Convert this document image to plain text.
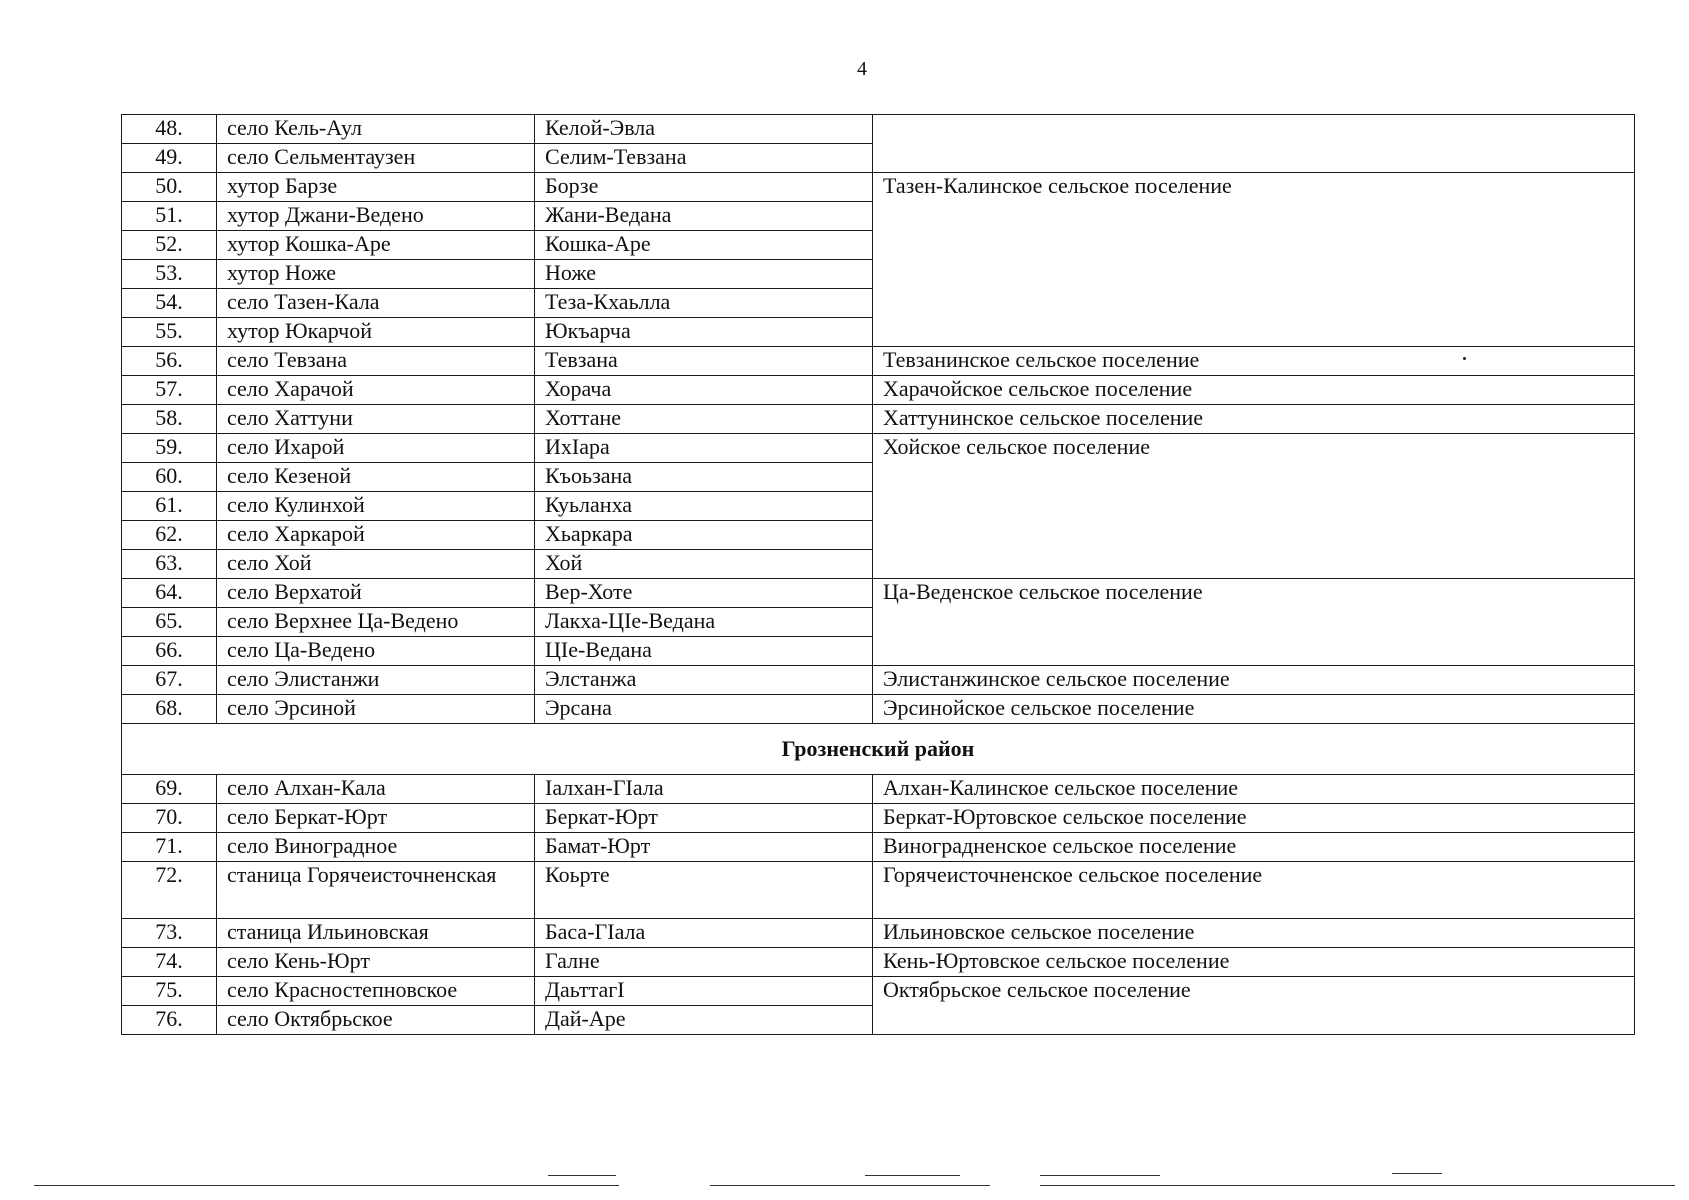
4
48.	село Кель-Аул	Келой-Эвла	
49.	село Сельментаузен	Селим-Тевзана	
50.	хутор Барзе	Борзе	Тазен-Калинское сельское поселение
51.	хутор Джани-Ведено	Жани-Ведана	
52.	хутор Кошка-Аре	Кошка-Аре	
53.	хутор Ноже	Ноже	
54.	село Тазен-Кала	Теза-Кхаьлла	
55.	хутор Юкарчой	Юкъарча	
56.	село Тевзана	Тевзана	Тевзанинское сельское поселение
57.	село Харачой	Хорача	Харачойское сельское поселение
58.	село Хаттуни	Хоттане	Хаттунинское сельское поселение
59.	село Ихарой	ИхIара	Хойское сельское поселение
60.	село Кезеной	Къоьзана	
61.	село Кулинхой	Куьланха	
62.	село Харкарой	Хьаркара	
63.	село Хой	Хой	
64.	село Верхатой	Вер-Хоте	Ца-Веденское сельское поселение
65.	село Верхнее Ца-Ведено	Лакха-ЦIе-Ведана	
66.	село Ца-Ведено	ЦIе-Ведана	
67.	село Элистанжи	Элстанжа	Элистанжинское сельское поселение
68.	село Эрсиной	Эрсана	Эрсинойское сельское поселение
Грозненский район			
69.	село Алхан-Кала	Iалхан-ГIала	Алхан-Калинское сельское поселение
70.	село Беркат-Юрт	Беркат-Юрт	Беркат-Юртовское сельское поселение
71.	село Виноградное	Бамат-Юрт	Виноградненское сельское поселение
72.	станица Горячеисточненская	Коьрте	Горячеисточненское сельское поселение
73.	станица Ильиновская	Баса-ГIала	Ильиновское сельское поселение
74.	село Кень-Юрт	Галне	Кень-Юртовское сельское поселение
75.	село Красностепновское	ДаьттагI	Октябрьское сельское поселение
76.	село Октябрьское	Дай-Аре	
